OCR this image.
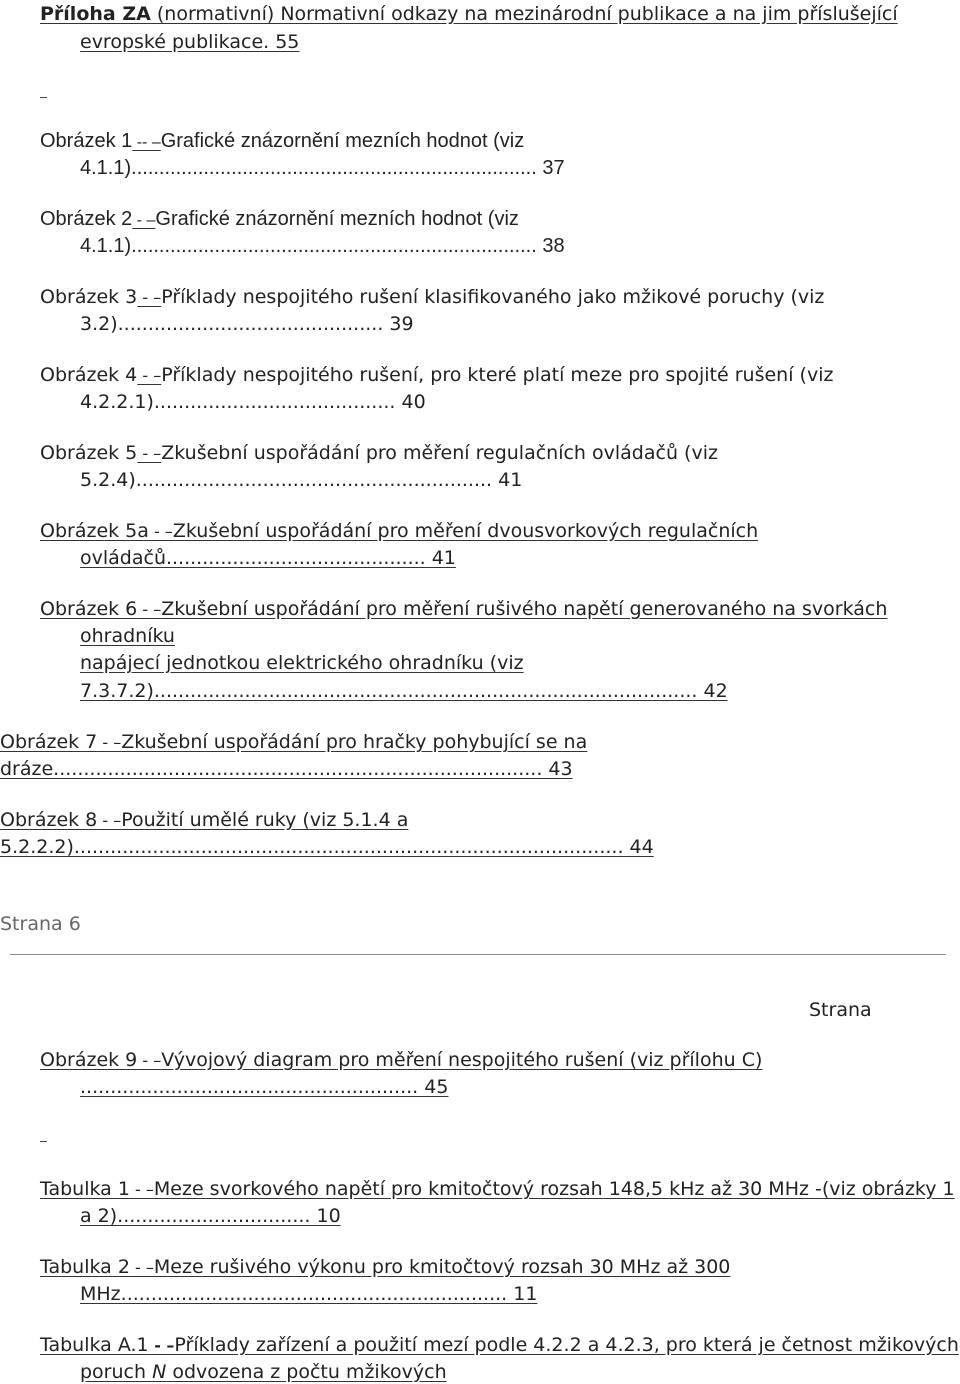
Příloha ZA (normativní) Normativní odkazy na mezinárodní publikace a na jim příslušející
evropské publikace. 55
Obrázek 1 -- –Grafické znázornění mezních hodnot (viz
4.1.1)......................................................................... 37
Obrázek 2 - –Grafické znázornění mezních hodnot (viz
4.1.1)......................................................................... 38
Obrázek 3 - –Příklady nespojitého rušení klasifikovaného jako mžikové poruchy (viz
3.2)............................................ 39
Obrázek 4 - –Příklady nespojitého rušení, pro které platí meze pro spojité rušení (viz
4.2.2.1)........................................ 40
Obrázek 5 - –Zkušební uspořádání pro měření regulačních ovládačů (viz
5.2.4)........................................................... 41
Obrázek 5a - –Zkušební uspořádání pro měření dvousvorkových regulačních
ovládačů........................................... 41
Obrázek 6 - –Zkušební uspořádání pro měření rušivého napětí generovaného na svorkách
ohradníku
napájecí jednotkou elektrického ohradníku (viz
7.3.7.2).......................................................................................... 42
Obrázek 7 - –Zkušební uspořádání pro hračky pohybující se na
dráze................................................................................. 43
Obrázek 8 - –Použití umělé ruky (viz 5.1.4 a
5.2.2.2)........................................................................................... 44
Strana 6
Strana
Obrázek 9 - –Vývojový diagram pro měření nespojitého rušení (viz přílohu C)
........................................................ 45
Tabulka 1 - –Meze svorkového napětí pro kmitočtový rozsah 148,5 kHz až 30 MHz -(viz obrázky 1
a 2)................................ 10
Tabulka 2 - –Meze rušivého výkonu pro kmitočtový rozsah 30 MHz až 300
MHz................................................................ 11
Tabulka A.1 - –Příklady zařízení a použití mezí podle 4.2.2 a 4.2.3, pro která je četnost mžikových
poruch N odvozena z počtu mžikových
